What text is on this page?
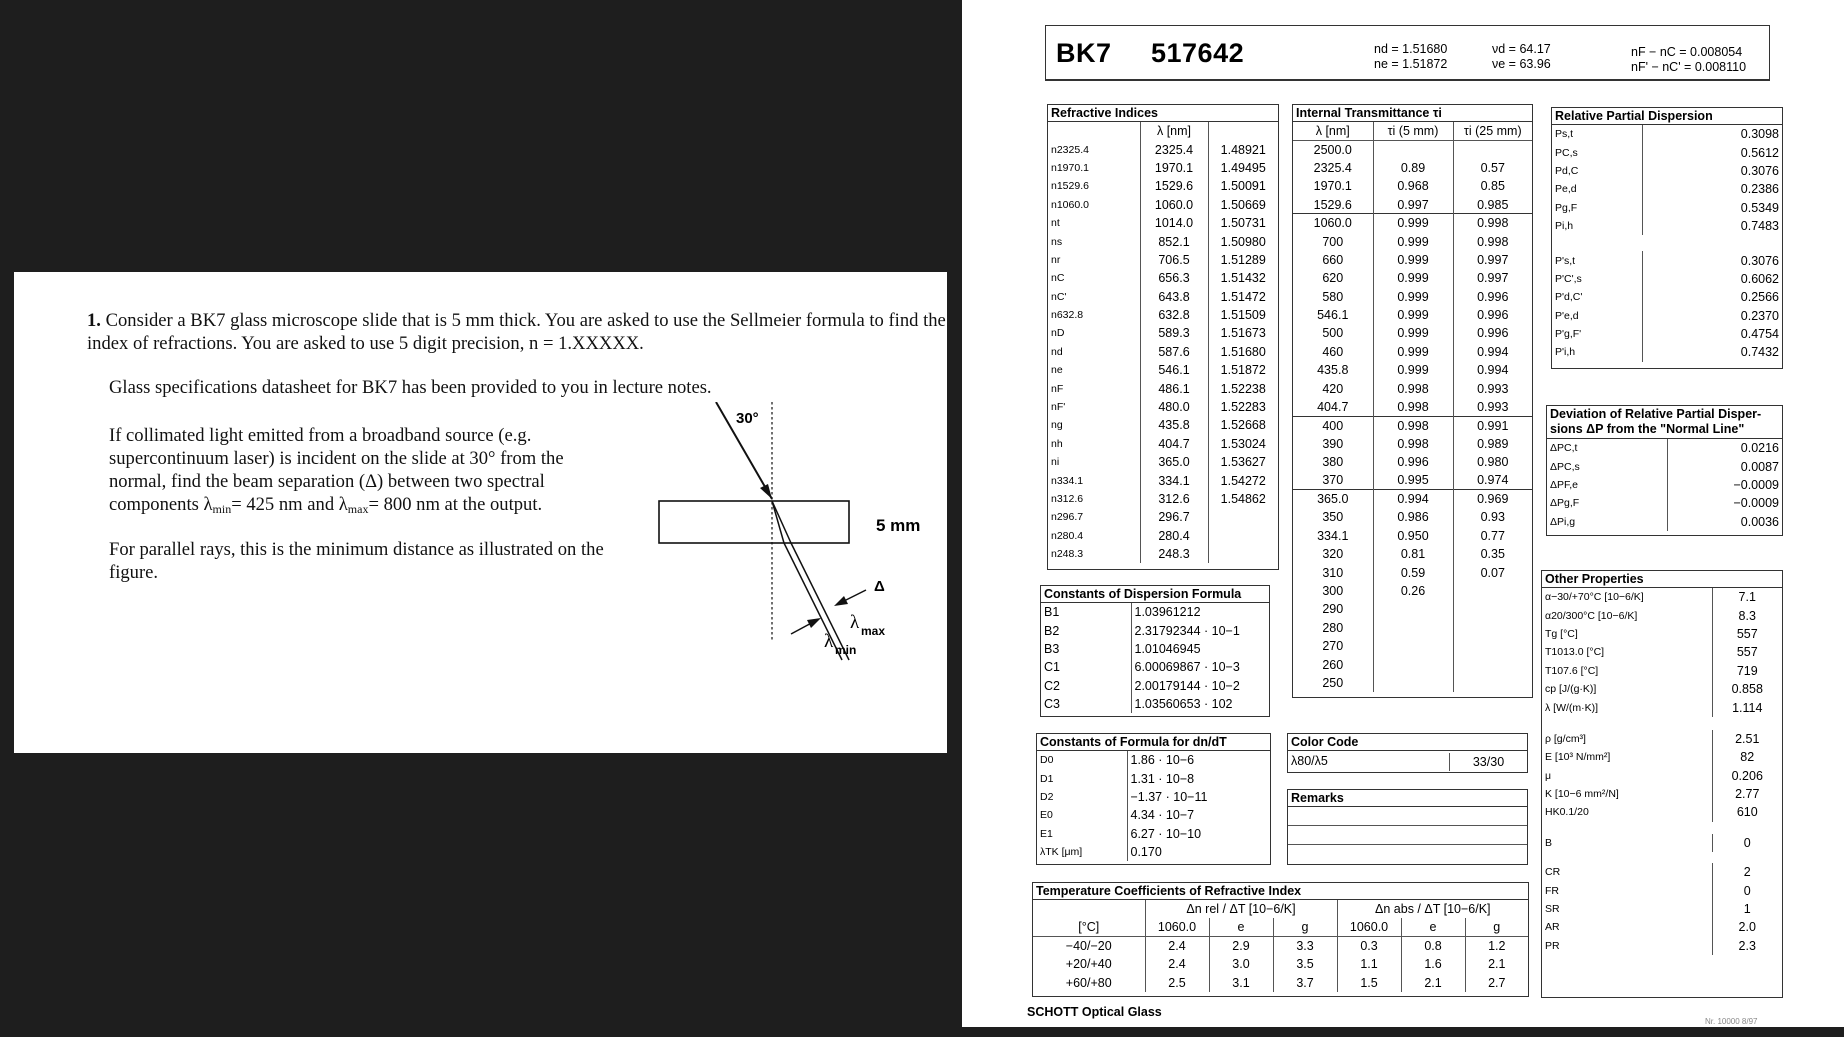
1. Consider a BK7 glass microscope slide that is 5 mm thick. You are asked to use the Sellmeier formula to find the index of refractions. You are asked to use 5 digit precision, n = 1.XXXXX.
Glass specifications datasheet for BK7 has been provided to you in lecture notes.
If collimated light emitted from a broadband source (e.g.
supercontinuum laser) is incident on the slide at 30° from the
normal, find the beam separation (Δ) between two spectral
components $\lambda_{min}= 425$ nm and $\lambda_{max}= 800$ nm at the output.
For parallel rays, this is the minimum distance as illustrated on the
figure.
30°
5 mm
Δ
λ max
λ min
BK7 517642	nd = 1.51680
ne = 1.51872
νd = 64.17
νe = 63.96
nF − nC = 0.008054
nF' − nC' = 0.008110
Refractive Indices
	λ [nm]	
n2325.4	2325.4	1.48921
n1970.1	1970.1	1.49495
n1529.6	1529.6	1.50091
n1060.0	1060.0	1.50669
nt	1014.0	1.50731
ns	852.1	1.50980
nr	706.5	1.51289
nC	656.3	1.51432
nC'	643.8	1.51472
n632.8	632.8	1.51509
nD	589.3	1.51673
nd	587.6	1.51680
ne	546.1	1.51872
nF	486.1	1.52238
nF'	480.0	1.52283
ng	435.8	1.52668
nh	404.7	1.53024
ni	365.0	1.53627
n334.1	334.1	1.54272
n312.6	312.6	1.54862
n296.7	296.7	
n280.4	280.4	
n248.3	248.3	
Internal Transmittance τi
λ [nm]	τi (5 mm)	τi (25 mm)
2500.0		
2325.4	0.89	0.57
1970.1	0.968	0.85
1529.6	0.997	0.985
1060.0	0.999	0.998
700	0.999	0.998
660	0.999	0.997
620	0.999	0.997
580	0.999	0.996
546.1	0.999	0.996
500	0.999	0.996
460	0.999	0.994
435.8	0.999	0.994
420	0.998	0.993
404.7	0.998	0.993
400	0.998	0.991
390	0.998	0.989
380	0.996	0.980
370	0.995	0.974
365.0	0.994	0.969
350	0.986	0.93
334.1	0.950	0.77
320	0.81	0.35
310	0.59	0.07
300	0.26	
290		
280		
270		
260		
250		
Relative Partial Dispersion
Ps,t	0.3098
PC,s	0.5612
Pd,C	0.3076
Pe,d	0.2386
Pg,F	0.5349
Pi,h	0.7483
P's,t	0.3076
P'C',s	0.6062
P'd,C'	0.2566
P'e,d	0.2370
P'g,F'	0.4754
P'i,h	0.7432
Deviation of Relative Partial Disper-
sions ΔP from the "Normal Line"
ΔPC,t	0.0216
ΔPC,s	0.0087
ΔPF,e	−0.0009
ΔPg,F	−0.0009
ΔPi,g	0.0036
Constants of Dispersion Formula
B1	1.03961212
B2	2.31792344 · 10−1
B3	1.01046945
C1	6.00069867 · 10−3
C2	2.00179144 · 10−2
C3	1.03560653 · 102
Constants of Formula for dn/dT
D0	1.86 · 10−6
D1	1.31 · 10−8
D2	−1.37 · 10−11
E0	4.34 · 10−7
E1	6.27 · 10−10
λTK [μm]	0.170
Color Code
λ80/λ5	33/30
Remarks
Other Properties
α−30/+70°C [10−6/K]	7.1
α20/300°C [10−6/K]	8.3
Tg [°C]	557
T1013.0 [°C]	557
T107.6 [°C]	719
cp [J/(g·K)]	0.858
λ [W/(m·K)]	1.114
ρ [g/cm³]	2.51
E [10³ N/mm²]	82
μ	0.206
K [10−6 mm²/N]	2.77
HK0.1/20	610
B	0
CR	2
FR	0
SR	1
AR	2.0
PR	2.3
Temperature Coefficients of Refractive Index
	Δn rel / ΔT [10−6/K]			Δn abs / ΔT [10−6/K]		
[°C]	1060.0	e	g	1060.0	e	g
−40/−20	2.4	2.9	3.3	0.3	0.8	1.2
+20/+40	2.4	3.0	3.5	1.1	1.6	2.1
+60/+80	2.5	3.1	3.7	1.5	2.1	2.7
SCHOTT Optical Glass
Nr. 10000 8/97
